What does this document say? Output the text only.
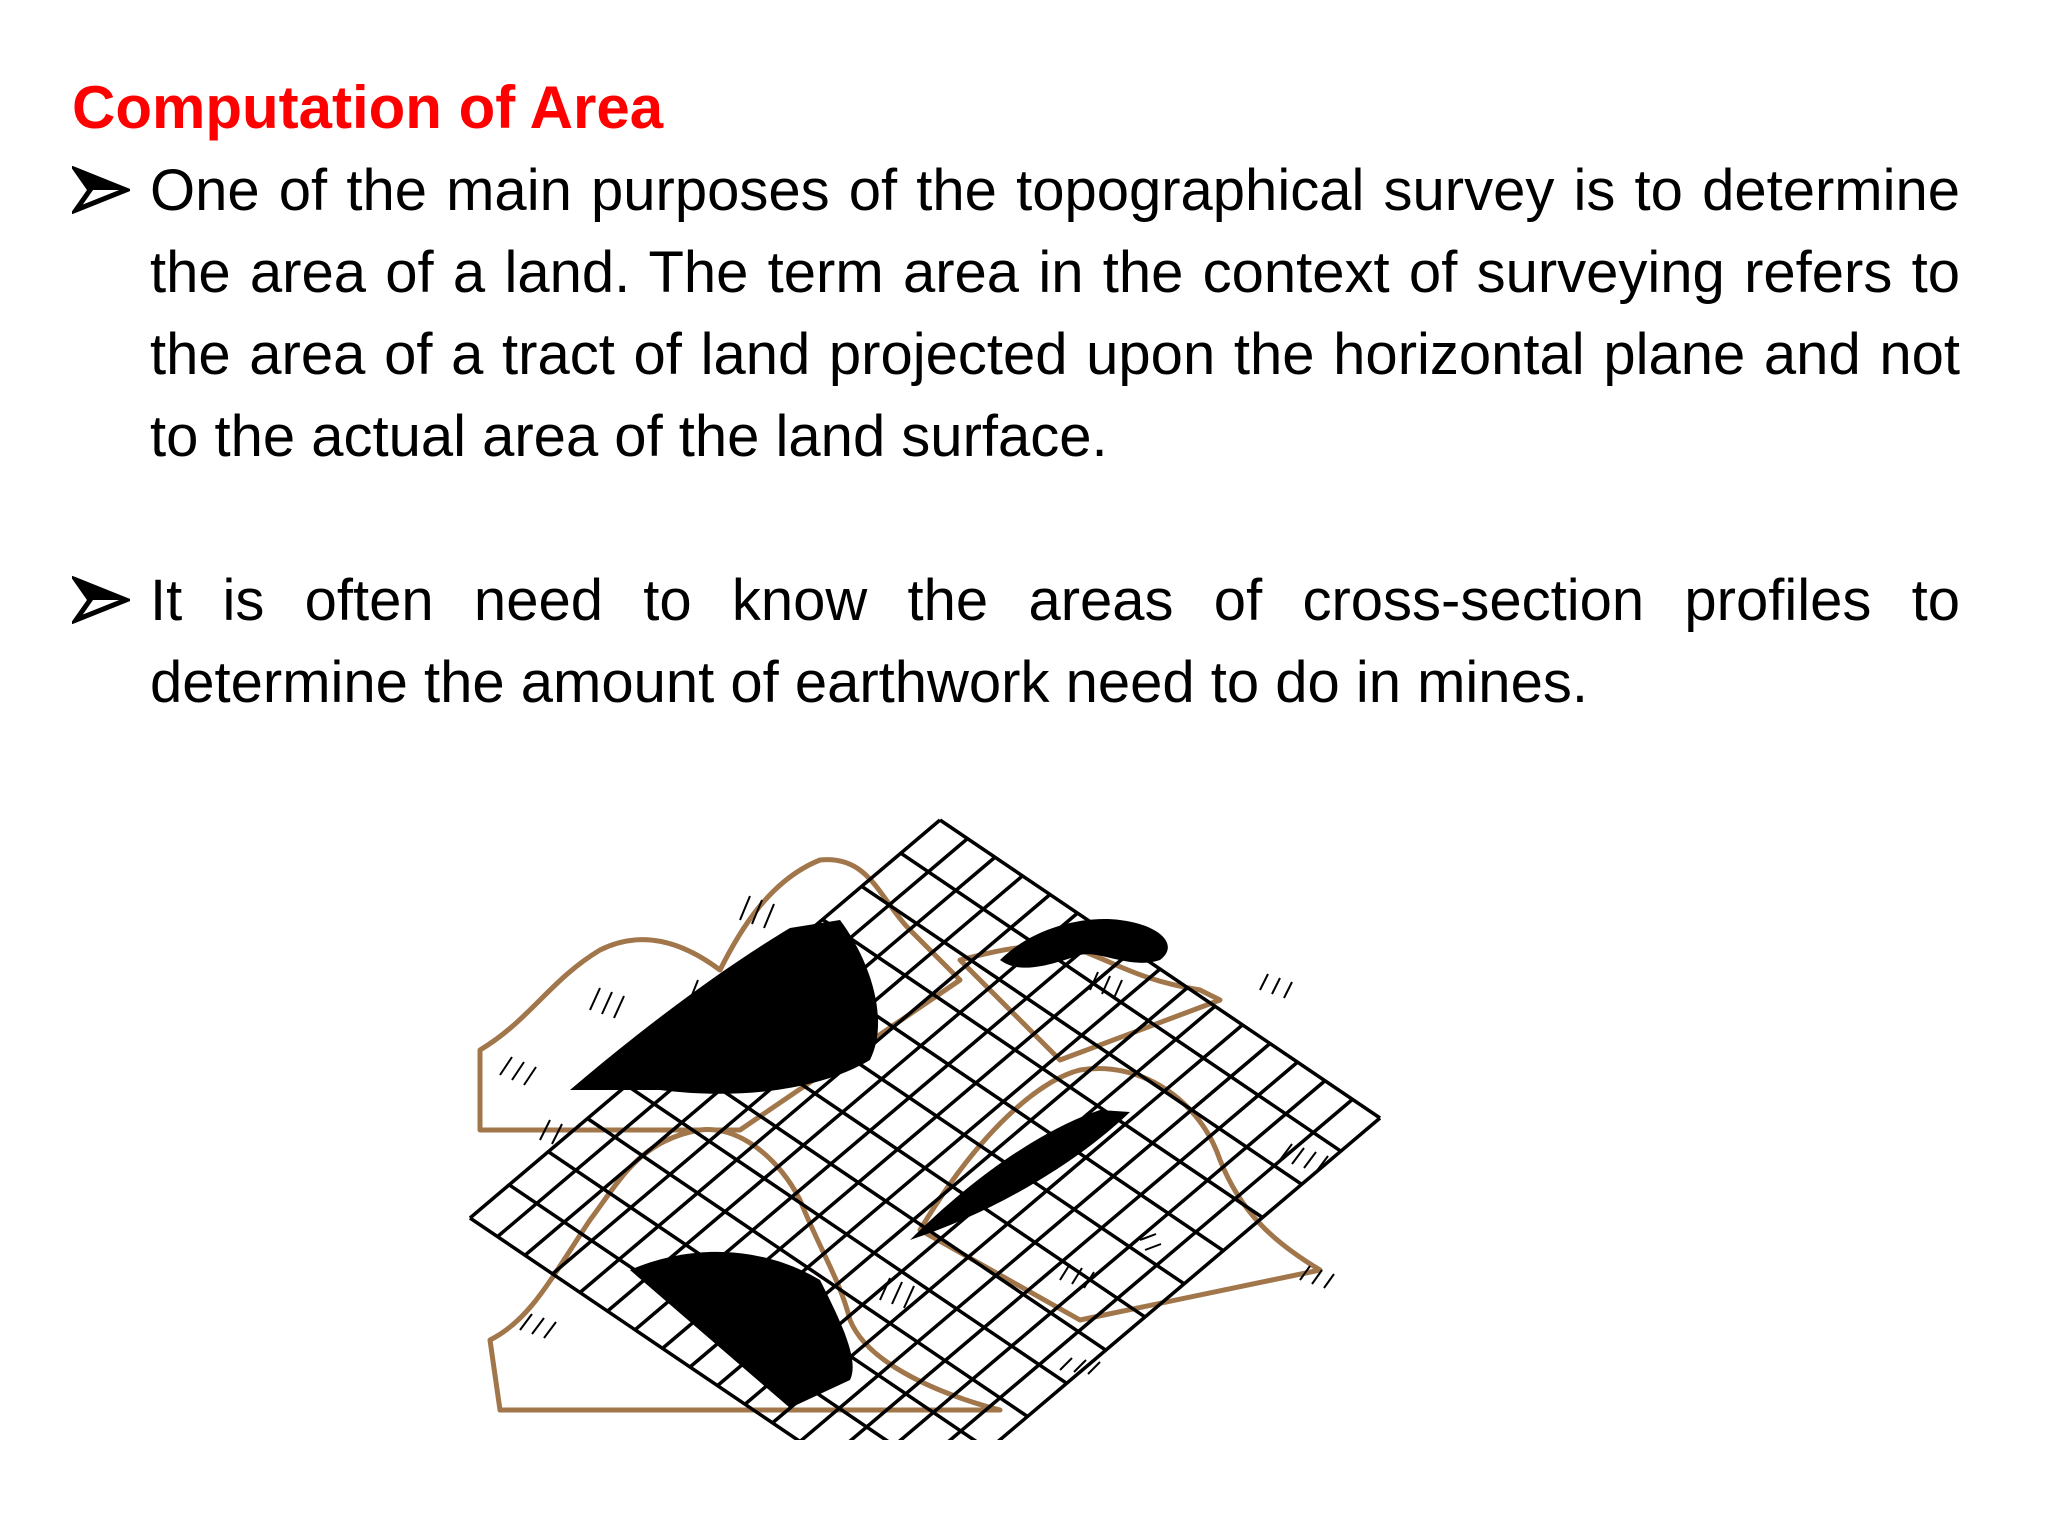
Computation of Area
One of the main purposes of the topographical survey is to determine the area of a land. The term area in the context of surveying refers to the area of a tract of land projected upon the horizontal plane and not to the actual area of the land surface.
It is often need to know the areas of cross-section profiles to determine the amount of earthwork need to do in mines.
